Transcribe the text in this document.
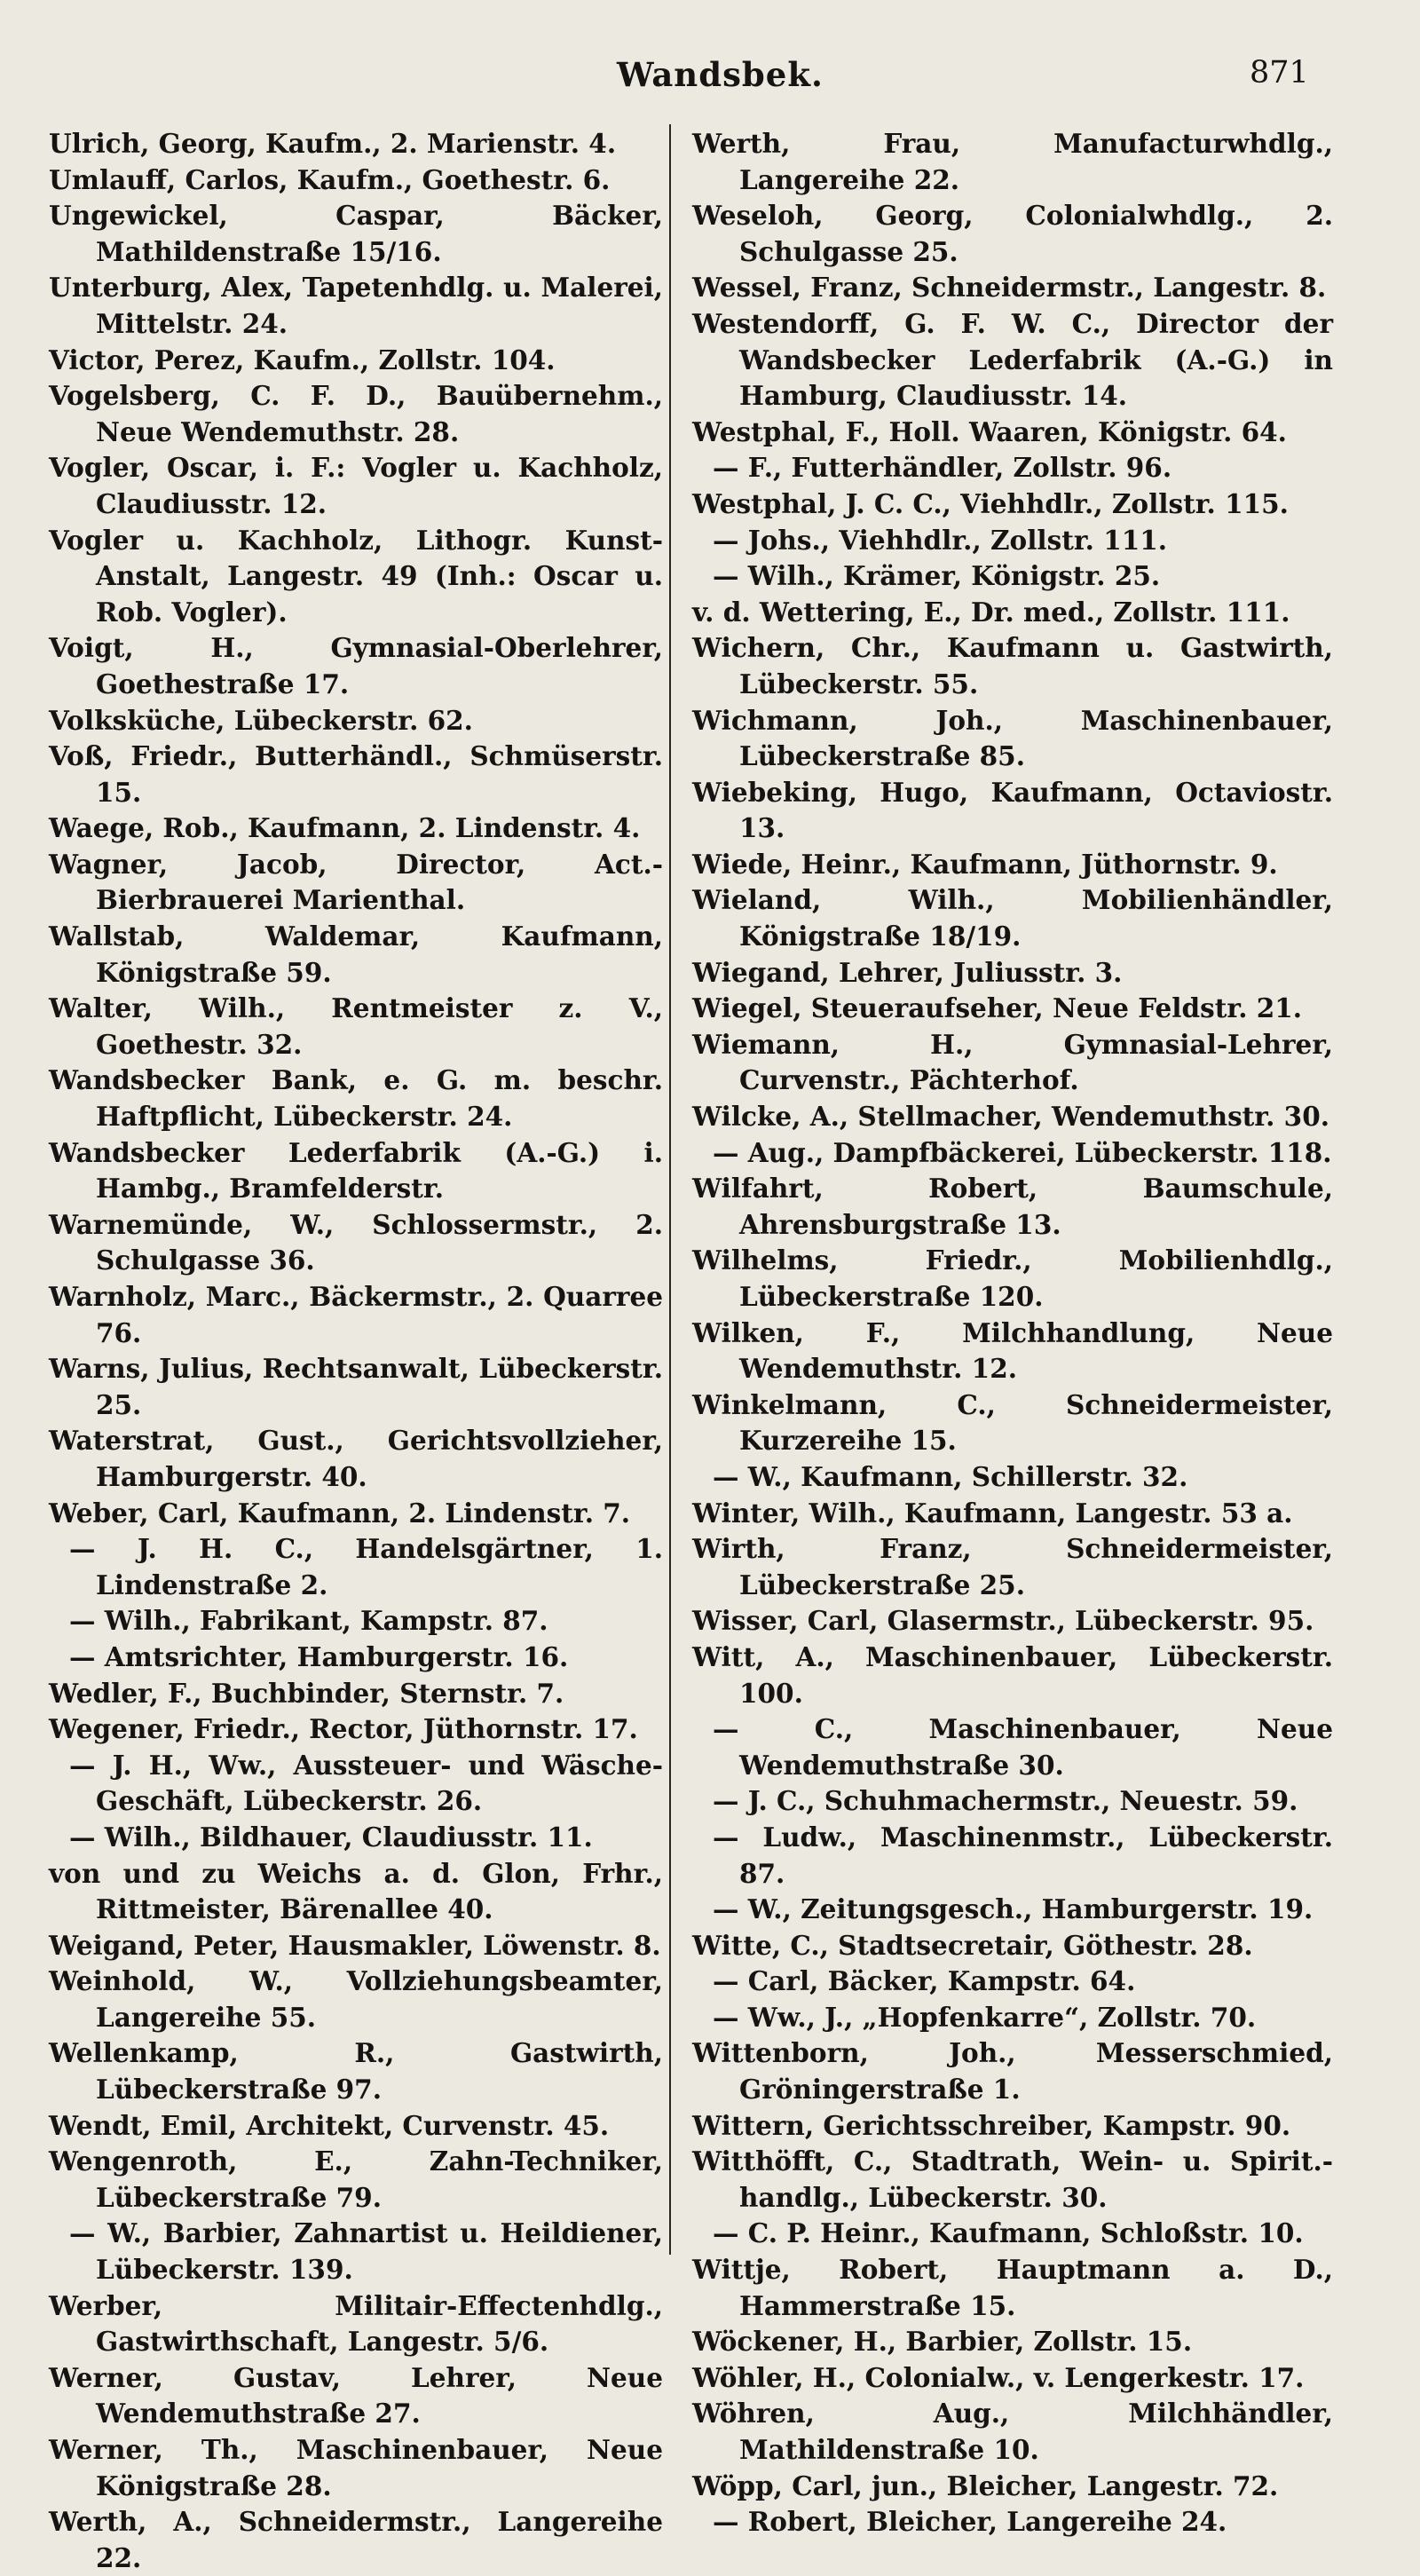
Wandsbek.	871
Ulrich, Georg, Kaufm., 2. Marienstr. 4.
Umlauff, Carlos, Kaufm., Goethestr. 6.
Ungewickel, Caspar, Bäcker, Mathildenstraße 15/16.
Unterburg, Alex, Tapetenhdlg. u. Malerei, Mittelstr. 24.
Victor, Perez, Kaufm., Zollstr. 104.
Vogelsberg, C. F. D., Bauübernehm., Neue Wendemuthstr. 28.
Vogler, Oscar, i. F.: Vogler u. Kachholz, Claudiusstr. 12.
Vogler u. Kachholz, Lithogr. Kunst-Anstalt, Langestr. 49 (Inh.: Oscar u. Rob. Vogler).
Voigt, H., Gymnasial-Oberlehrer, Goethestraße 17.
Volksküche, Lübeckerstr. 62.
Voß, Friedr., Butterhändl., Schmüserstr. 15.
Waege, Rob., Kaufmann, 2. Lindenstr. 4.
Wagner, Jacob, Director, Act.-Bierbrauerei Marienthal.
Wallstab, Waldemar, Kaufmann, Königstraße 59.
Walter, Wilh., Rentmeister z. V., Goethestr. 32.
Wandsbecker Bank, e. G. m. beschr. Haftpflicht, Lübeckerstr. 24.
Wandsbecker Lederfabrik (A.-G.) i. Hambg., Bramfelderstr.
Warnemünde, W., Schlossermstr., 2. Schulgasse 36.
Warnholz, Marc., Bäckermstr., 2. Quarree 76.
Warns, Julius, Rechtsanwalt, Lübeckerstr. 25.
Waterstrat, Gust., Gerichtsvollzieher, Hamburgerstr. 40.
Weber, Carl, Kaufmann, 2. Lindenstr. 7.
— J. H. C., Handelsgärtner, 1. Lindenstraße 2.
— Wilh., Fabrikant, Kampstr. 87.
— Amtsrichter, Hamburgerstr. 16.
Wedler, F., Buchbinder, Sternstr. 7.
Wegener, Friedr., Rector, Jüthornstr. 17.
— J. H., Ww., Aussteuer- und Wäsche-Geschäft, Lübeckerstr. 26.
— Wilh., Bildhauer, Claudiusstr. 11.
von und zu Weichs a. d. Glon, Frhr., Rittmeister, Bärenallee 40.
Weigand, Peter, Hausmakler, Löwenstr. 8.
Weinhold, W., Vollziehungsbeamter, Langereihe 55.
Wellenkamp, R., Gastwirth, Lübeckerstraße 97.
Wendt, Emil, Architekt, Curvenstr. 45.
Wengenroth, E., Zahn-Techniker, Lübeckerstraße 79.
— W., Barbier, Zahnartist u. Heildiener, Lübeckerstr. 139.
Werber, Militair-Effectenhdlg., Gastwirthschaft, Langestr. 5/6.
Werner, Gustav, Lehrer, Neue Wendemuthstraße 27.
Werner, Th., Maschinenbauer, Neue Königstraße 28.
Werth, A., Schneidermstr., Langereihe 22.
Werth, Frau, Manufacturwhdlg., Langereihe 22.
Weseloh, Georg, Colonialwhdlg., 2. Schulgasse 25.
Wessel, Franz, Schneidermstr., Langestr. 8.
Westendorff, G. F. W. C., Director der Wandsbecker Lederfabrik (A.-G.) in Hamburg, Claudiusstr. 14.
Westphal, F., Holl. Waaren, Königstr. 64.
— F., Futterhändler, Zollstr. 96.
Westphal, J. C. C., Viehhdlr., Zollstr. 115.
— Johs., Viehhdlr., Zollstr. 111.
— Wilh., Krämer, Königstr. 25.
v. d. Wettering, E., Dr. med., Zollstr. 111.
Wichern, Chr., Kaufmann u. Gastwirth, Lübeckerstr. 55.
Wichmann, Joh., Maschinenbauer, Lübeckerstraße 85.
Wiebeking, Hugo, Kaufmann, Octaviostr. 13.
Wiede, Heinr., Kaufmann, Jüthornstr. 9.
Wieland, Wilh., Mobilienhändler, Königstraße 18/19.
Wiegand, Lehrer, Juliusstr. 3.
Wiegel, Steueraufseher, Neue Feldstr. 21.
Wiemann, H., Gymnasial-Lehrer, Curvenstr., Pächterhof.
Wilcke, A., Stellmacher, Wendemuthstr. 30.
— Aug., Dampfbäckerei, Lübeckerstr. 118.
Wilfahrt, Robert, Baumschule, Ahrensburgstraße 13.
Wilhelms, Friedr., Mobilienhdlg., Lübeckerstraße 120.
Wilken, F., Milchhandlung, Neue Wendemuthstr. 12.
Winkelmann, C., Schneidermeister, Kurzereihe 15.
— W., Kaufmann, Schillerstr. 32.
Winter, Wilh., Kaufmann, Langestr. 53 a.
Wirth, Franz, Schneidermeister, Lübeckerstraße 25.
Wisser, Carl, Glasermstr., Lübeckerstr. 95.
Witt, A., Maschinenbauer, Lübeckerstr. 100.
— C., Maschinenbauer, Neue Wendemuthstraße 30.
— J. C., Schuhmachermstr., Neuestr. 59.
— Ludw., Maschinenmstr., Lübeckerstr. 87.
— W., Zeitungsgesch., Hamburgerstr. 19.
Witte, C., Stadtsecretair, Göthestr. 28.
— Carl, Bäcker, Kampstr. 64.
— Ww., J., „Hopfenkarre“, Zollstr. 70.
Wittenborn, Joh., Messerschmied, Gröningerstraße 1.
Wittern, Gerichtsschreiber, Kampstr. 90.
Witthöfft, C., Stadtrath, Wein- u. Spirit.-handlg., Lübeckerstr. 30.
— C. P. Heinr., Kaufmann, Schloßstr. 10.
Wittje, Robert, Hauptmann a. D., Hammerstraße 15.
Wöckener, H., Barbier, Zollstr. 15.
Wöhler, H., Colonialw., v. Lengerkestr. 17.
Wöhren, Aug., Milchhändler, Mathildenstraße 10.
Wöpp, Carl, jun., Bleicher, Langestr. 72.
— Robert, Bleicher, Langereihe 24.
